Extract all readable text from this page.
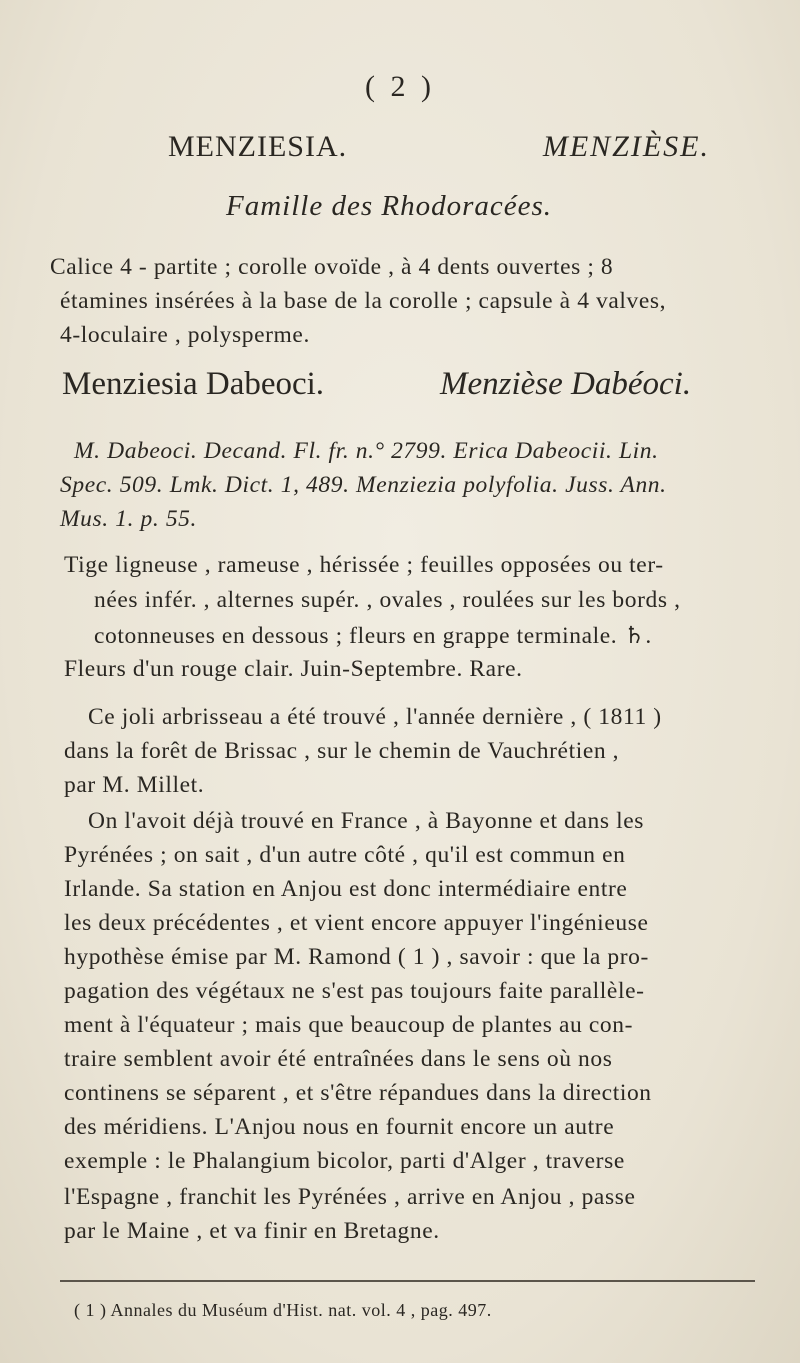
( 2 )
MENZIESIA.	MENZIÈSE.
Famille des Rhodoracées.
Calice 4 - partite ; corolle ovoïde , à 4 dents ouvertes ; 8
étamines insérées à la base de la corolle ; capsule à 4 valves,
4-loculaire , polysperme.
Menziesia Dabeoci.	Menzièse Dabéoci.
M. Dabeoci. Decand. Fl. fr. n.° 2799. Erica Dabeocii. Lin.
Spec. 509. Lmk. Dict. 1, 489. Menziezia polyfolia. Juss. Ann.
Mus. 1. p. 55.
Tige ligneuse , rameuse , hérissée ; feuilles opposées ou ter-
nées infér. , alternes supér. , ovales , roulées sur les bords ,
cotonneuses en dessous ; fleurs en grappe terminale. ♄.
Fleurs d'un rouge clair. Juin-Septembre. Rare.
Ce joli arbrisseau a été trouvé , l'année dernière , ( 1811 )
dans la forêt de Brissac , sur le chemin de Vauchrétien ,
par M. Millet.
On l'avoit déjà trouvé en France , à Bayonne et dans les
Pyrénées ; on sait , d'un autre côté , qu'il est commun en
Irlande. Sa station en Anjou est donc intermédiaire entre
les deux précédentes , et vient encore appuyer l'ingénieuse
hypothèse émise par M. Ramond ( 1 ) , savoir : que la pro-
pagation des végétaux ne s'est pas toujours faite parallèle-
ment à l'équateur ; mais que beaucoup de plantes au con-
traire semblent avoir été entraînées dans le sens où nos
continens se séparent , et s'être répandues dans la direction
des méridiens. L'Anjou nous en fournit encore un autre
exemple : le Phalangium bicolor, parti d'Alger , traverse
l'Espagne , franchit les Pyrénées , arrive en Anjou , passe
par le Maine , et va finir en Bretagne.
( 1 ) Annales du Muséum d'Hist. nat. vol. 4 , pag. 497.
